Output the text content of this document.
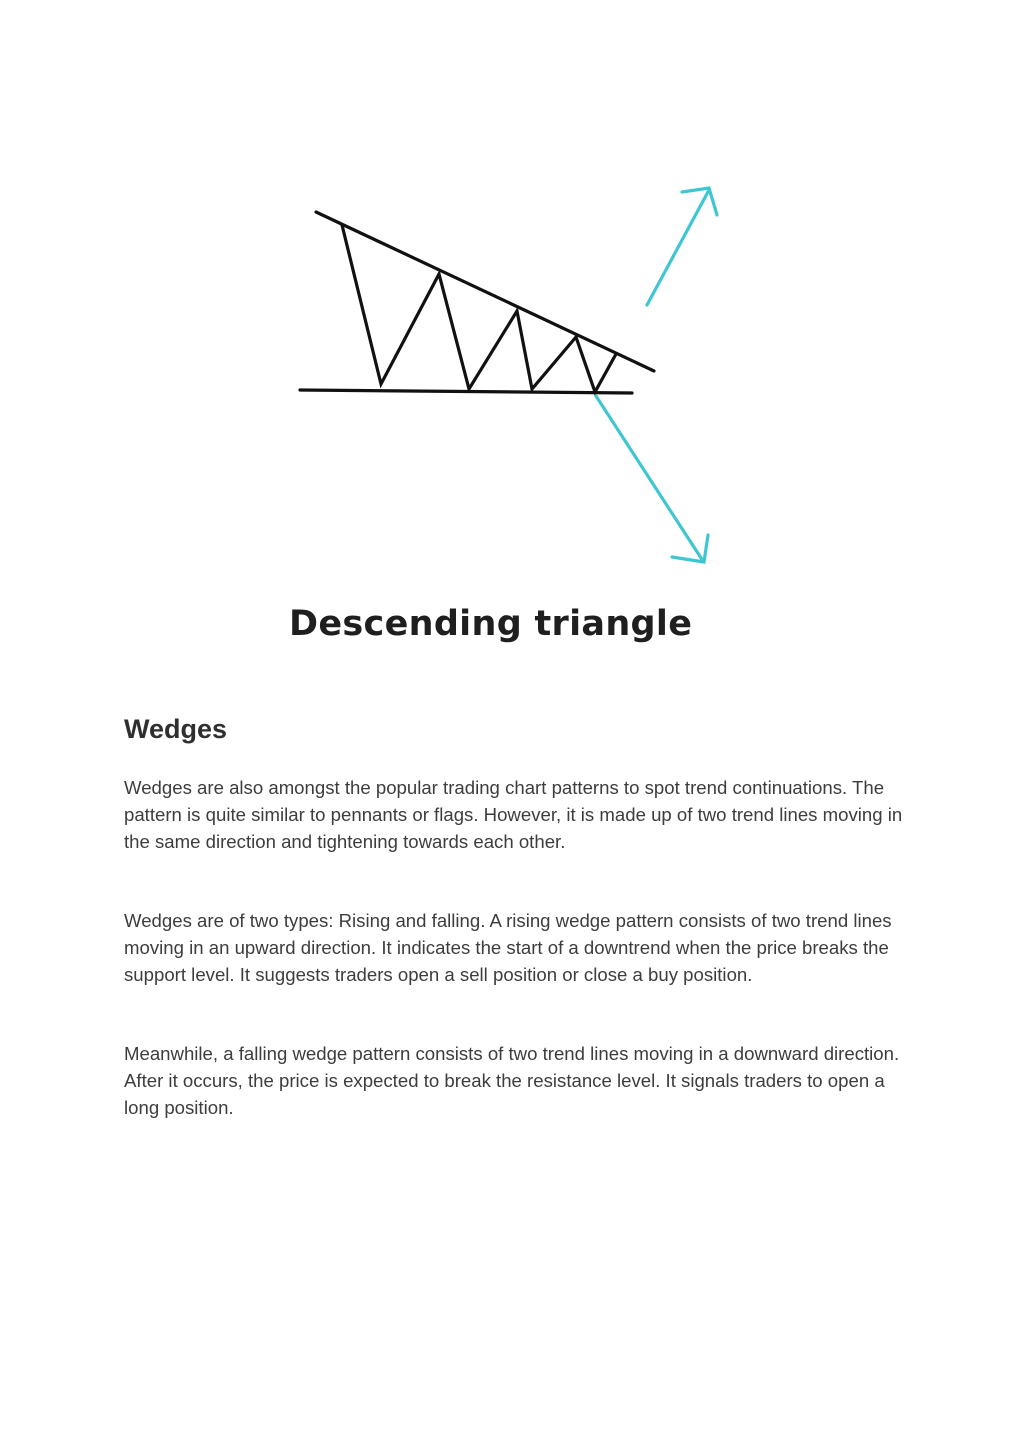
Descending triangle
Wedges

Wedges are also amongst the popular trading chart patterns to spot trend continuations. The pattern is quite similar to pennants or flags. However, it is made up of two trend lines moving in the same direction and tightening towards each other.

Wedges are of two types: Rising and falling. A rising wedge pattern consists of two trend lines moving in an upward direction. It indicates the start of a downtrend when the price breaks the support level. It suggests traders open a sell position or close a buy position.

Meanwhile, a falling wedge pattern consists of two trend lines moving in a downward direction. After it occurs, the price is expected to break the resistance level. It signals traders to open a long position.
